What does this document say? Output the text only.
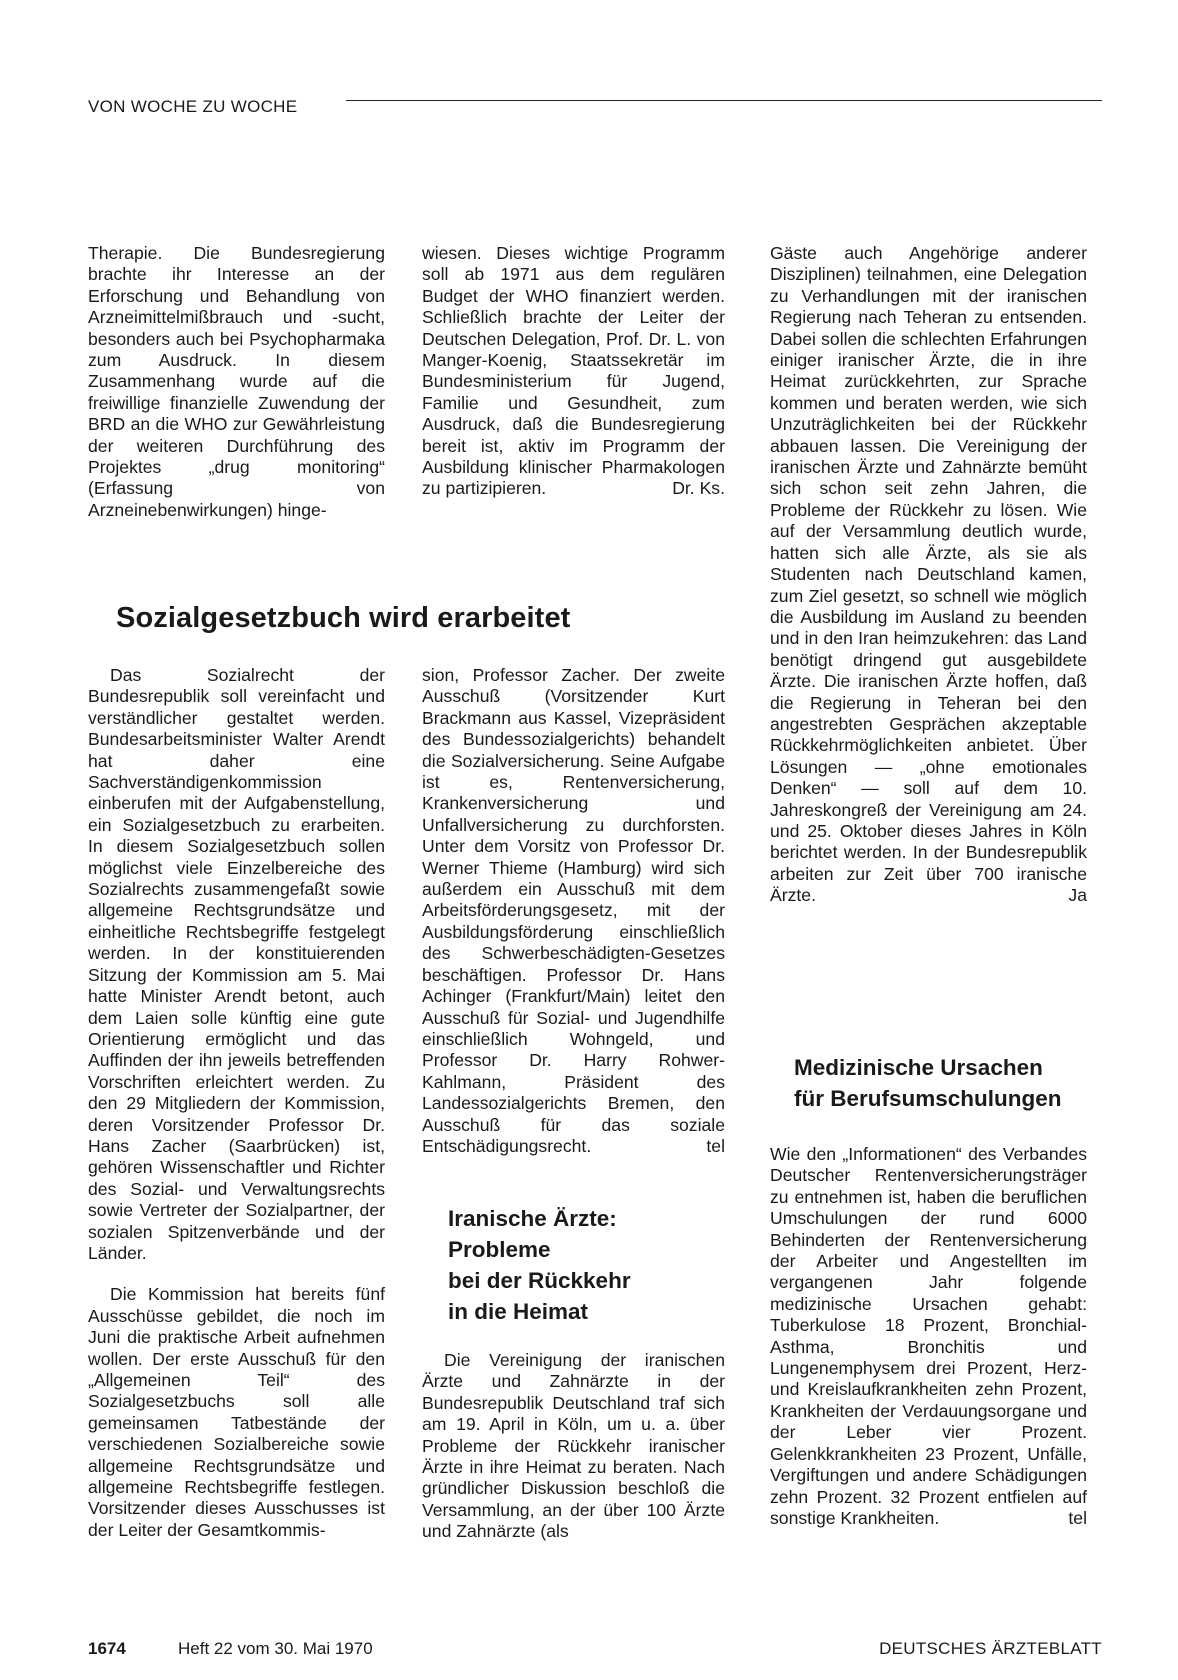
VON WOCHE ZU WOCHE

Therapie. Die Bundesregierung brachte ihr Interesse an der Erforschung und Behandlung von Arzneimittelmißbrauch und -sucht, besonders auch bei Psychopharmaka zum Ausdruck. In diesem Zusammenhang wurde auf die freiwillige finanzielle Zuwendung der BRD an die WHO zur Gewährleistung der weiteren Durchführung des Projektes „drug monitoring“ (Erfassung von Arzneinebenwirkungen) hinge-

wiesen. Dieses wichtige Programm soll ab 1971 aus dem regulären Budget der WHO finanziert werden. Schließlich brachte der Leiter der Deutschen Delegation, Prof. Dr. L. von Manger-Koenig, Staatssekretär im Bundesministerium für Jugend, Familie und Gesundheit, zum Ausdruck, daß die Bundesregierung bereit ist, aktiv im Programm der Ausbildung klinischer Pharmakologen zu partizipieren.	Dr. Ks.
Sozialgesetzbuch wird erarbeitet

Das Sozialrecht der Bundesrepublik soll vereinfacht und verständlicher gestaltet werden. Bundesarbeitsminister Walter Arendt hat daher eine Sachverständigenkommission einberufen mit der Aufgabenstellung, ein Sozialgesetzbuch zu erarbeiten. In diesem Sozialgesetzbuch sollen möglichst viele Einzelbereiche des Sozialrechts zusammengefaßt sowie allgemeine Rechtsgrundsätze und einheitliche Rechtsbegriffe festgelegt werden. In der konstituierenden Sitzung der Kommission am 5. Mai hatte Minister Arendt betont, auch dem Laien solle künftig eine gute Orientierung ermöglicht und das Auffinden der ihn jeweils betreffenden Vorschriften erleichtert werden. Zu den 29 Mitgliedern der Kommission, deren Vorsitzender Professor Dr. Hans Zacher (Saarbrücken) ist, gehören Wissenschaftler und Richter des Sozial- und Verwaltungsrechts sowie Vertreter der Sozialpartner, der sozialen Spitzenverbände und der Länder.

Die Kommission hat bereits fünf Ausschüsse gebildet, die noch im Juni die praktische Arbeit aufnehmen wollen. Der erste Ausschuß für den „Allgemeinen Teil“ des Sozialgesetzbuchs soll alle gemeinsamen Tatbestände der verschiedenen Sozialbereiche sowie allgemeine Rechtsgrundsätze und allgemeine Rechtsbegriffe festlegen. Vorsitzender dieses Ausschusses ist der Leiter der Gesamtkommis-

sion, Professor Zacher. Der zweite Ausschuß (Vorsitzender Kurt Brackmann aus Kassel, Vizepräsident des Bundessozialgerichts) behandelt die Sozialversicherung. Seine Aufgabe ist es, Rentenversicherung, Krankenversicherung und Unfallversicherung zu durchforsten. Unter dem Vorsitz von Professor Dr. Werner Thieme (Hamburg) wird sich außerdem ein Ausschuß mit dem Arbeitsförderungsgesetz, mit der Ausbildungsförderung einschließlich des Schwerbeschädigten-Gesetzes beschäftigen. Professor Dr. Hans Achinger (Frankfurt/Main) leitet den Ausschuß für Sozial- und Jugendhilfe einschließlich Wohngeld, und Professor Dr. Harry Rohwer-Kahlmann, Präsident des Landessozialgerichts Bremen, den Ausschuß für das soziale Entschädigungsrecht.	tel
Iranische Ärzte:
Probleme
bei der Rückkehr
in die Heimat

Die Vereinigung der iranischen Ärzte und Zahnärzte in der Bundesrepublik Deutschland traf sich am 19. April in Köln, um u. a. über Probleme der Rückkehr iranischer Ärzte in ihre Heimat zu beraten. Nach gründlicher Diskussion beschloß die Versammlung, an der über 100 Ärzte und Zahnärzte (als

Gäste auch Angehörige anderer Disziplinen) teilnahmen, eine Delegation zu Verhandlungen mit der iranischen Regierung nach Teheran zu entsenden. Dabei sollen die schlechten Erfahrungen einiger iranischer Ärzte, die in ihre Heimat zurückkehrten, zur Sprache kommen und beraten werden, wie sich Unzuträglichkeiten bei der Rückkehr abbauen lassen. Die Vereinigung der iranischen Ärzte und Zahnärzte bemüht sich schon seit zehn Jahren, die Probleme der Rückkehr zu lösen. Wie auf der Versammlung deutlich wurde, hatten sich alle Ärzte, als sie als Studenten nach Deutschland kamen, zum Ziel gesetzt, so schnell wie möglich die Ausbildung im Ausland zu beenden und in den Iran heimzukehren: das Land benötigt dringend gut ausgebildete Ärzte. Die iranischen Ärzte hoffen, daß die Regierung in Teheran bei den angestrebten Gesprächen akzeptable Rückkehrmöglichkeiten anbietet. Über Lösungen — „ohne emotionales Denken“ — soll auf dem 10. Jahreskongreß der Vereinigung am 24. und 25. Oktober dieses Jahres in Köln berichtet werden. In der Bundesrepublik arbeiten zur Zeit über 700 iranische Ärzte.	Ja
Medizinische Ursachen
für Berufsumschulungen

Wie den „Informationen“ des Verbandes Deutscher Rentenversicherungsträger zu entnehmen ist, haben die beruflichen Umschulungen der rund 6000 Behinderten der Rentenversicherung der Arbeiter und Angestellten im vergangenen Jahr folgende medizinische Ursachen gehabt: Tuberkulose 18 Prozent, Bronchial-Asthma, Bronchitis und Lungenemphysem drei Prozent, Herz- und Kreislaufkrankheiten zehn Prozent, Krankheiten der Verdauungsorgane und der Leber vier Prozent. Gelenkkrankheiten 23 Prozent, Unfälle, Vergiftungen und andere Schädigungen zehn Prozent. 32 Prozent entfielen auf sonstige Krankheiten.	tel
1674	Heft 22 vom 30. Mai 1970	DEUTSCHES ÄRZTEBLATT
